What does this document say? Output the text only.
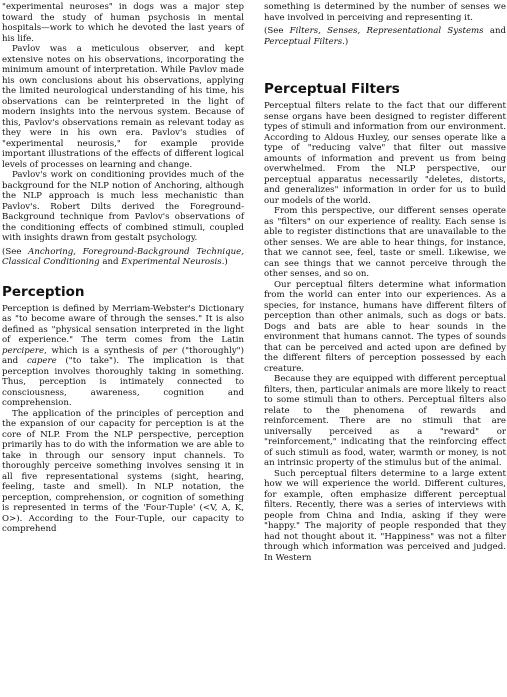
"experimental neuroses" in dogs was a major step toward the study of human psychosis in mental hospitals—work to which he devoted the last years of his life.

Pavlov was a meticulous observer, and kept extensive notes on his observations, incorporating the minimum amount of interpretation. While Pavlov made his own conclusions about his observations, applying the limited neurological understanding of his time, his observations can be reinterpreted in the light of modern insights into the nervous system. Because of this, Pavlov's observations remain as relevant today as they were in his own era. Pavlov's studies of "experimental neurosis," for example provide important illustrations of the effects of different logical levels of processes on learning and change.

Pavlov's work on conditioning provides much of the background for the NLP notion of Anchoring, although the NLP approach is much less mechanistic than Pavlov's. Robert Dilts derived the Foreground-Background technique from Pavlov's observations of the conditioning effects of combined stimuli, coupled with insights drawn from gestalt psychology.

(See Anchoring, Foreground-Background Technique, Classical Conditioning and Experimental Neurosis.)

Perception

Perception is defined by Merriam-Webster's Dictionary as "to become aware of through the senses." It is also defined as "physical sensation interpreted in the light of experience." The term comes from the Latin percipere, which is a synthesis of per ("thoroughly") and capere ("to take"). The implication is that perception involves thoroughly taking in something. Thus, perception is intimately connected to consciousness, awareness, cognition and comprehension.

The application of the principles of perception and the expansion of our capacity for perception is at the core of NLP. From the NLP perspective, perception primarily has to do with the information we are able to take in through our sensory input channels. To thoroughly perceive something involves sensing it in all five representational systems (sight, hearing, feeling, taste and smell). In NLP notation, the perception, comprehension, or cognition of something is represented in terms of the 'Four-Tuple' (<V, A, K, O>). According to the Four-Tuple, our capacity to comprehend

something is determined by the number of senses we have involved in perceiving and representing it.

(See Filters, Senses, Representational Systems and Perceptual Filters.)

Perceptual Filters

Perceptual filters relate to the fact that our different sense organs have been designed to register different types of stimuli and information from our environment. According to Aldous Huxley, our senses operate like a type of "reducing valve" that filter out massive amounts of information and prevent us from being overwhelmed. From the NLP perspective, our perceptual apparatus necessarily "deletes, distorts, and generalizes" information in order for us to build our models of the world.

From this perspective, our different senses operate as "filters" on our experience of reality. Each sense is able to register distinctions that are unavailable to the other senses. We are able to hear things, for instance, that we cannot see, feel, taste or smell. Likewise, we can see things that we cannot perceive through the other senses, and so on.

Our perceptual filters determine what information from the world can enter into our experiences. As a species, for instance, humans have different filters of perception than other animals, such as dogs or bats. Dogs and bats are able to hear sounds in the environment that humans cannot. The types of sounds that can be perceived and acted upon are defined by the different filters of perception possessed by each creature.

Because they are equipped with different perceptual filters, then, particular animals are more likely to react to some stimuli than to others. Perceptual filters also relate to the phenomena of rewards and reinforcement. There are no stimuli that are universally perceived as a "reward" or "reinforcement," indicating that the reinforcing effect of such stimuli as food, water, warmth or money, is not an intrinsic property of the stimulus but of the animal.

Such perceptual filters determine to a large extent how we will experience the world. Different cultures, for example, often emphasize different perceptual filters. Recently, there was a series of interviews with people from China and India, asking if they were "happy." The majority of people responded that they had not thought about it. "Happiness" was not a filter through which information was perceived and judged. In Western
